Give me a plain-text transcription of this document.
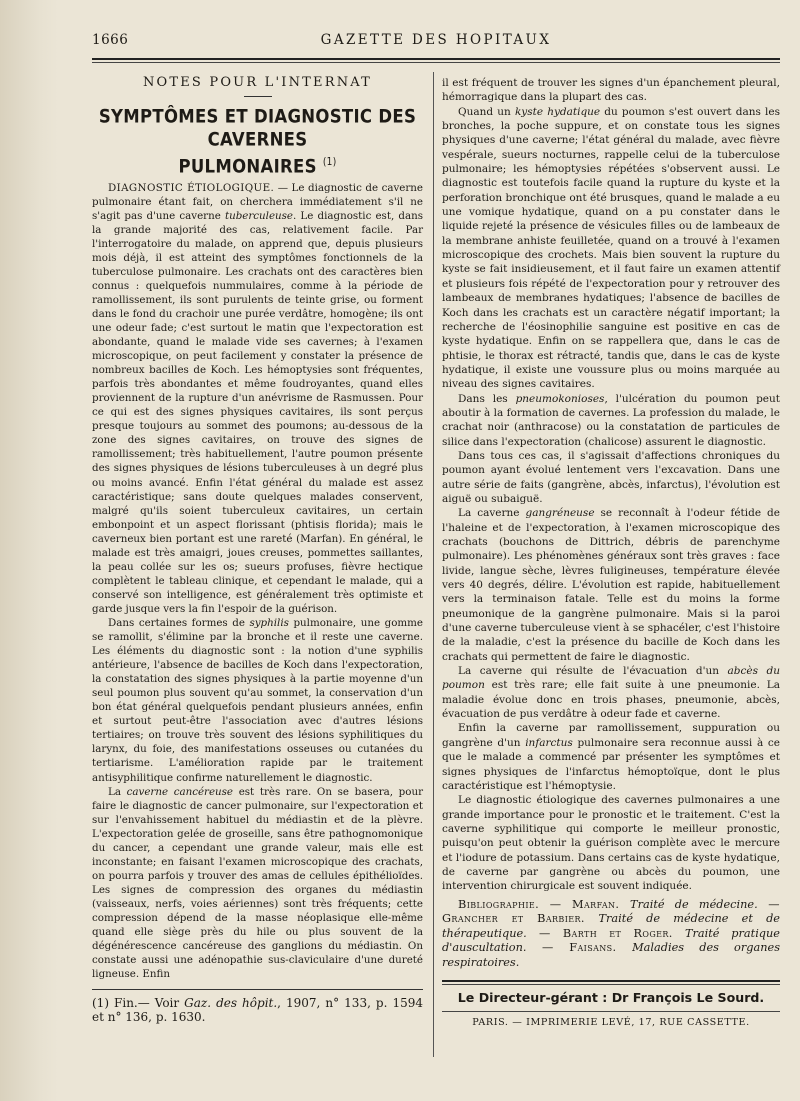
1666	GAZETTE DES HOPITAUX
NOTES POUR L'INTERNAT
SYMPTÔMES ET DIAGNOSTIC DES CAVERNES
PULMONAIRES $^{(1)}$

DIAGNOSTIC ÉTIOLOGIQUE. — Le diagnostic de caverne pulmonaire étant fait, on cherchera immédiatement s'il ne s'agit pas d'une caverne tuberculeuse. Le diagnostic est, dans la grande majorité des cas, relativement facile. Par l'interrogatoire du malade, on apprend que, depuis plusieurs mois déjà, il est atteint des symptômes fonctionnels de la tuberculose pulmonaire. Les crachats ont des caractères bien connus : quelquefois nummulaires, comme à la période de ramollissement, ils sont purulents de teinte grise, ou forment dans le fond du crachoir une purée verdâtre, homogène; ils ont une odeur fade; c'est surtout le matin que l'expectoration est abondante, quand le malade vide ses cavernes; à l'examen microscopique, on peut facilement y constater la présence de nombreux bacilles de Koch. Les hémoptysies sont fréquentes, parfois très abondantes et même foudroyantes, quand elles proviennent de la rupture d'un anévrisme de Rasmussen. Pour ce qui est des signes physiques cavitaires, ils sont perçus presque toujours au sommet des poumons; au-dessous de la zone des signes cavitaires, on trouve des signes de ramollissement; très habituellement, l'autre poumon présente des signes physiques de lésions tuberculeuses à un degré plus ou moins avancé. Enfin l'état général du malade est assez caractéristique; sans doute quelques malades conservent, malgré qu'ils soient tuberculeux cavitaires, un certain embonpoint et un aspect florissant (phtisis florida); mais le caverneux bien portant est une rareté (Marfan). En général, le malade est très amaigri, joues creuses, pommettes saillantes, la peau collée sur les os; sueurs profuses, fièvre hectique complètent le tableau clinique, et cependant le malade, qui a conservé son intelligence, est généralement très optimiste et garde jusque vers la fin l'espoir de la guérison.

Dans certaines formes de syphilis pulmonaire, une gomme se ramollit, s'élimine par la bronche et il reste une caverne. Les éléments du diagnostic sont : la notion d'une syphilis antérieure, l'absence de bacilles de Koch dans l'expectoration, la constatation des signes physiques à la partie moyenne d'un seul poumon plus souvent qu'au sommet, la conservation d'un bon état général quelquefois pendant plusieurs années, enfin et surtout peut-être l'association avec d'autres lésions tertiaires; on trouve très souvent des lésions syphilitiques du larynx, du foie, des manifestations osseuses ou cutanées du tertiarisme. L'amélioration rapide par le traitement antisyphilitique confirme naturellement le diagnostic.

La caverne cancéreuse est très rare. On se basera, pour faire le diagnostic de cancer pulmonaire, sur l'expectoration et sur l'envahissement habituel du médiastin et de la plèvre. L'expectoration gelée de groseille, sans être pathognomonique du cancer, a cependant une grande valeur, mais elle est inconstante; en faisant l'examen microscopique des crachats, on pourra parfois y trouver des amas de cellules épithélioïdes. Les signes de compression des organes du médiastin (vaisseaux, nerfs, voies aériennes) sont très fréquents; cette compression dépend de la masse néoplasique elle-même quand elle siège près du hile ou plus souvent de la dégénérescence cancéreuse des ganglions du médiastin. On constate aussi une adénopathie sus-claviculaire d'une dureté ligneuse. Enfin

(1) Fin.— Voir Gaz. des hôpit., 1907, n° 133, p. 1594 et n° 136, p. 1630.

il est fréquent de trouver les signes d'un épanchement pleural, hémorragique dans la plupart des cas.

Quand un kyste hydatique du poumon s'est ouvert dans les bronches, la poche suppure, et on constate tous les signes physiques d'une caverne; l'état général du malade, avec fièvre vespérale, sueurs nocturnes, rappelle celui de la tuberculose pulmonaire; les hémoptysies répétées s'observent aussi. Le diagnostic est toutefois facile quand la rupture du kyste et la perforation bronchique ont été brusques, quand le malade a eu une vomique hydatique, quand on a pu constater dans le liquide rejeté la présence de vésicules filles ou de lambeaux de la membrane anhiste feuilletée, quand on a trouvé à l'examen microscopique des crochets. Mais bien souvent la rupture du kyste se fait insidieusement, et il faut faire un examen attentif et plusieurs fois répété de l'expectoration pour y retrouver des lambeaux de membranes hydatiques; l'absence de bacilles de Koch dans les crachats est un caractère négatif important; la recherche de l'éosinophilie sanguine est positive en cas de kyste hydatique. Enfin on se rappellera que, dans le cas de phtisie, le thorax est rétracté, tandis que, dans le cas de kyste hydatique, il existe une voussure plus ou moins marquée au niveau des signes cavitaires.

Dans les pneumokonioses, l'ulcération du poumon peut aboutir à la formation de cavernes. La profession du malade, le crachat noir (anthracose) ou la constatation de particules de silice dans l'expectoration (chalicose) assurent le diagnostic.

Dans tous ces cas, il s'agissait d'affections chroniques du poumon ayant évolué lentement vers l'excavation. Dans une autre série de faits (gangrène, abcès, infarctus), l'évolution est aiguë ou subaiguë.

La caverne gangréneuse se reconnaît à l'odeur fétide de l'haleine et de l'expectoration, à l'examen microscopique des crachats (bouchons de Dittrich, débris de parenchyme pulmonaire). Les phénomènes généraux sont très graves : face livide, langue sèche, lèvres fuligineuses, température élevée vers 40 degrés, délire. L'évolution est rapide, habituellement vers la terminaison fatale. Telle est du moins la forme pneumonique de la gangrène pulmonaire. Mais si la paroi d'une caverne tuberculeuse vient à se sphacéler, c'est l'histoire de la maladie, c'est la présence du bacille de Koch dans les crachats qui permettent de faire le diagnostic.

La caverne qui résulte de l'évacuation d'un abcès du poumon est très rare; elle fait suite à une pneumonie. La maladie évolue donc en trois phases, pneumonie, abcès, évacuation de pus verdâtre à odeur fade et caverne.

Enfin la caverne par ramollissement, suppuration ou gangrène d'un infarctus pulmonaire sera reconnue aussi à ce que le malade a commencé par présenter les symptômes et signes physiques de l'infarctus hémoptoïque, dont le plus caractéristique est l'hémoptysie.

Le diagnostic étiologique des cavernes pulmonaires a une grande importance pour le pronostic et le traitement. C'est la caverne syphilitique qui comporte le meilleur pronostic, puisqu'on peut obtenir la guérison complète avec le mercure et l'iodure de potassium. Dans certains cas de kyste hydatique, de caverne par gangrène ou abcès du poumon, une intervention chirurgicale est souvent indiquée.

Bibliographie. — Marfan. Traité de médecine. — Grancher et Barbier. Traité de médecine et de thérapeutique. — Barth et Roger. Traité pratique d'auscultation. — Faisans. Maladies des organes respiratoires.

Le Directeur-gérant : Dr François Le Sourd.

PARIS. — IMPRIMERIE LEVÉ, 17, RUE CASSETTE.
